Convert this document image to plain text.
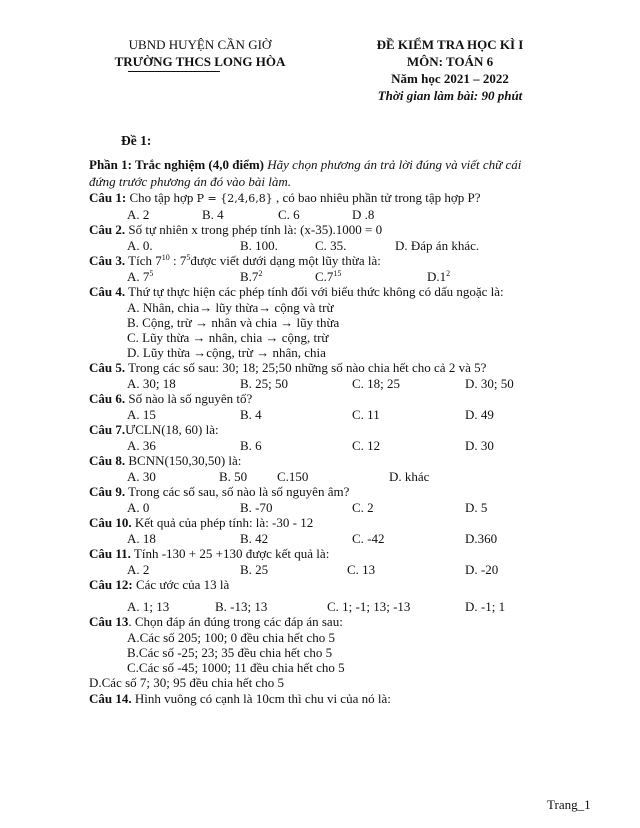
UBND HUYỆN CẦN GIỜ
TRƯỜNG THCS LONG HÒA
ĐỀ KIỂM TRA HỌC KÌ I
MÔN: TOÁN 6
Năm học 2021 – 2022
Thời gian làm bài: 90 phút
Đề 1:

Phần 1: Trắc nghiệm (4,0 điểm) Hãy chọn phương án trả lời đúng và viết chữ cái
đứng trước phương án đó vào bài làm.

Câu 1: Cho tập hợp P = {2,4,6,8} , có bao nhiêu phần tử trong tập hợp P?

A. 2	B. 4	C. 6	D .8

Câu 2. Số tự nhiên x trong phép tính là: (x-35).1000 = 0

A. 0.	B. 100.	C. 35.	D. Đáp án khác.

Câu 3. Tích $7^{10}$ : $7^5được$ viết dưới dạng một lũy thừa là:

A. $7^5$	$B.7^2$	$C.7^{15}$	$D.1^2$

Câu 4. Thứ tự thực hiện các phép tính đối với biểu thức không có dấu ngoặc là:

A. Nhân, chia→ lũy thừa→ cộng và trừ
B. Cộng, trừ → nhân và chia → lũy thừa
C. Lũy thừa → nhân, chia → cộng, trừ
D. Lũy thừa →cộng, trừ → nhân, chia

Câu 5. Trong các số sau: 30; 18; 25;50 những số nào chia hết cho cả 2 và 5?

A. 30; 18	B. 25; 50	C. 18; 25	D. 30; 50

Câu 6. Số nào là số nguyên tố?

A. 15	B. 4	C. 11	D. 49

Câu 7.ƯCLN(18, 60) là:

A. 36	B. 6	C. 12	D. 30

Câu 8. BCNN(150,30,50) là:

A. 30	B. 50 C.150	D. khác

Câu 9. Trong các số sau, số nào là số nguyên âm?

A. 0	B. -70	C. 2	D. 5

Câu 10. Kết quả của phép tính: là: -30 - 12

A. 18	B. 42	C. -42	D.360

Câu 11. Tính -130 + 25 +130 được kết quả là:

A. 2	B. 25	C. 13	D. -20

Câu 12: Các ước của 13 là

A. 1; 13	B. -13; 13	C. 1; -1; 13; -13	D. -1; 1

Câu 13. Chọn đáp án đúng trong các đáp án sau:

A.Các số 205; 100; 0 đều chia hết cho 5
B.Các số -25; 23; 35 đều chia hết cho 5
C.Các số -45; 1000; 11 đều chia hết cho 5
D.Các số 7; 30; 95 đều chia hết cho 5

Câu 14. Hình vuông có cạnh là 10cm thì chu vi của nó là:

Trang_1
